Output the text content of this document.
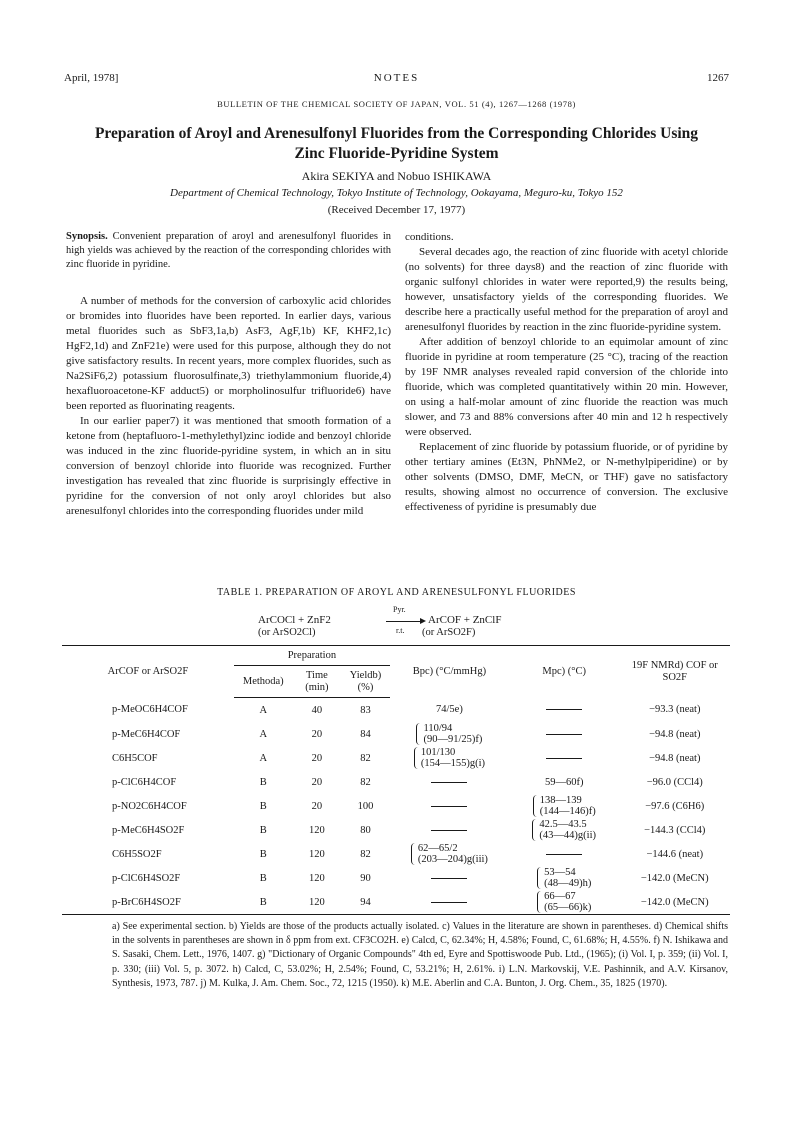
April, 1978]	NOTES	1267
BULLETIN OF THE CHEMICAL SOCIETY OF JAPAN, VOL. 51 (4), 1267—1268 (1978)
Preparation of Aroyl and Arenesulfonyl Fluorides from the Corresponding Chlorides Using Zinc Fluoride-Pyridine System
Akira SEKIYA and Nobuo ISHIKAWA
Department of Chemical Technology, Tokyo Institute of Technology, Ookayama, Meguro-ku, Tokyo 152
(Received December 17, 1977)

Synopsis. Convenient preparation of aroyl and arenesulfonyl fluorides in high yields was achieved by the reaction of the corresponding chlorides with zinc fluoride in pyridine.

A number of methods for the conversion of carboxylic acid chlorides or bromides into fluorides have been reported. In earlier days, various metal fluorides such as SbF3,1a,b) AsF3, AgF,1b) KF, KHF2,1c) HgF2,1d) and ZnF21e) were used for this purpose, although they do not give satisfactory results. In recent years, more complex fluorides, such as Na2SiF6,2) potassium fluorosulfinate,3) triethylammonium fluoride,4) hexafluoroacetone-KF adduct5) or morpholinosulfur trifluoride6) have been reported as fluorinating reagents.

In our earlier paper7) it was mentioned that smooth formation of a ketone from (heptafluoro-1-methylethyl)zinc iodide and benzoyl chloride was induced in the zinc fluoride-pyridine system, in which an in situ conversion of benzoyl chloride into fluoride was recognized. Further investigation has revealed that zinc fluoride is surprisingly effective in pyridine for the conversion of not only aroyl chlorides but also arenesulfonyl chlorides into the corresponding fluorides under mild

conditions.

Several decades ago, the reaction of zinc fluoride with acetyl chloride (no solvents) for three days8) and the reaction of zinc fluoride with organic sulfonyl chlorides in water were reported,9) the results being, however, unsatisfactory yields of the corresponding fluorides. We describe here a practically useful method for the preparation of aroyl and arenesulfonyl fluorides by reaction in the zinc fluoride-pyridine system.

After addition of benzoyl chloride to an equimolar amount of zinc fluoride in pyridine at room temperature (25 °C), tracing of the reaction by 19F NMR analyses revealed rapid conversion of the chloride into fluoride, which was completed quantitatively within 20 min. However, on using a half-molar amount of zinc fluoride the reaction was much slower, and 73 and 88% conversions after 40 min and 12 h respectively were observed.

Replacement of zinc fluoride by potassium fluoride, or of pyridine by other tertiary amines (Et3N, PhNMe2, or N-methylpiperidine) or by other solvents (DMSO, DMF, MeCN, or THF) gave no satisfactory results, showing almost no occurrence of conversion. The exclusive effectiveness of pyridine is presumably due

TABLE 1. PREPARATION OF AROYL AND ARENESULFONYL FLUORIDES
ArCOCl + ZnF2
(or ArSO2Cl)
Pyr.
r.t.
ArCOF + ZnClF
(or ArSO2F)
ArCOF or ArSO2F	Preparation			Bpc) (°C/mmHg)	Mpc) (°C)	19F NMRd) COF or SO2F
	Methoda)	Time (min)	Yieldb) (%)			
p-MeOC6H4COF	A	40	83	74/5e)		−93.3 (neat)
p-MeC6H4COF	A	20	84	110/94
(90—91/25)f)		−94.8 (neat)
C6H5COF	A	20	82	101/130
(154—155)g(i)		−94.8 (neat)
p-ClC6H4COF	B	20	82		59—60f)	−96.0 (CCl4)
p-NO2C6H4COF	B	20	100		138—139
(144—146)f)	−97.6 (C6H6)
p-MeC6H4SO2F	B	120	80		42.5—43.5
(43—44)g(ii)	−144.3 (CCl4)
C6H5SO2F	B	120	82	62—65/2
(203—204)g(iii)		−144.6 (neat)
p-ClC6H4SO2F	B	120	90		53—54
(48—49)h)	−142.0 (MeCN)
p-BrC6H4SO2F	B	120	94		66—67
(65—66)k)	−142.0 (MeCN)

a) See experimental section. b) Yields are those of the products actually isolated. c) Values in the literature are shown in parentheses. d) Chemical shifts in the solvents in parentheses are shown in δ ppm from ext. CF3CO2H. e) Calcd, C, 62.34%; H, 4.58%; Found, C, 61.68%; H, 4.55%. f) N. Ishikawa and S. Sasaki, Chem. Lett., 1976, 1407. g) "Dictionary of Organic Compounds" 4th ed, Eyre and Spottiswoode Pub. Ltd., (1965); (i) Vol. I, p. 359; (ii) Vol. I, p. 330; (iii) Vol. 5, p. 3072. h) Calcd, C, 53.02%; H, 2.54%; Found, C, 53.21%; H, 2.61%. i) L.N. Markovskij, V.E. Pashinnik, and A.V. Kirsanov, Synthesis, 1973, 787. j) M. Kulka, J. Am. Chem. Soc., 72, 1215 (1950). k) M.E. Aberlin and C.A. Bunton, J. Org. Chem., 35, 1825 (1970).
